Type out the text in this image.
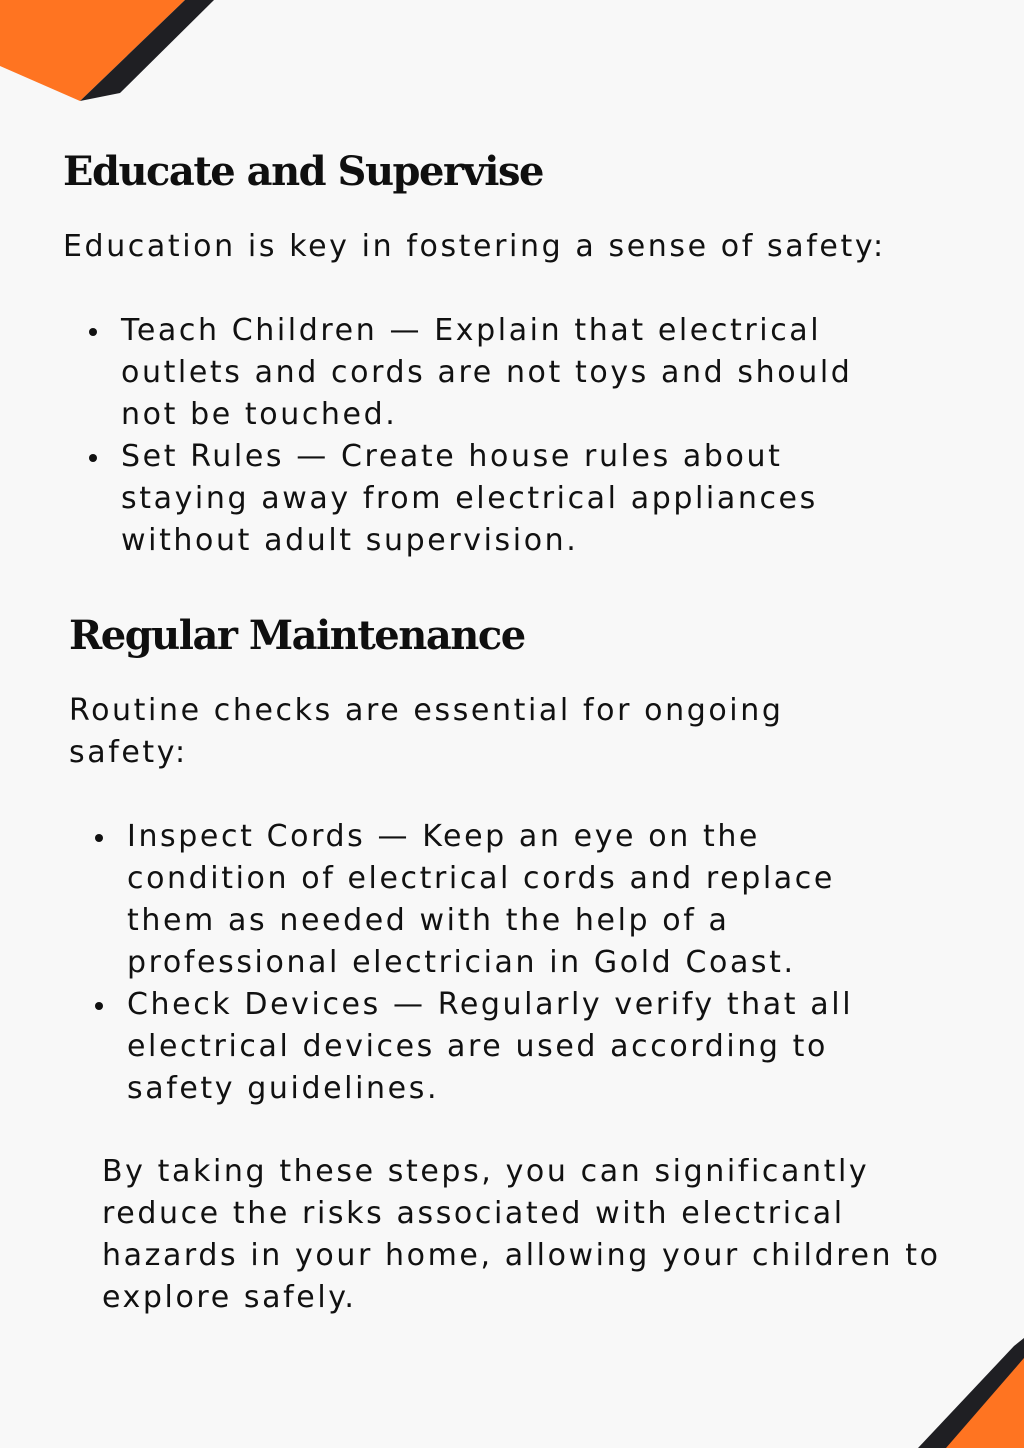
Educate and Supervise

Education is key in fostering a sense of safety:

Teach Children — Explain that electrical outlets and cords are not toys and should not be touched.
Set Rules — Create house rules about staying away from electrical appliances without adult supervision.
Regular Maintenance

Routine checks are essential for ongoing safety:

Inspect Cords — Keep an eye on the condition of electrical cords and replace them as needed with the help of a professional electrician in Gold Coast.
Check Devices — Regularly verify that all electrical devices are used according to safety guidelines.

By taking these steps, you can significantly reduce the risks associated with electrical hazards in your home, allowing your children to explore safely.
